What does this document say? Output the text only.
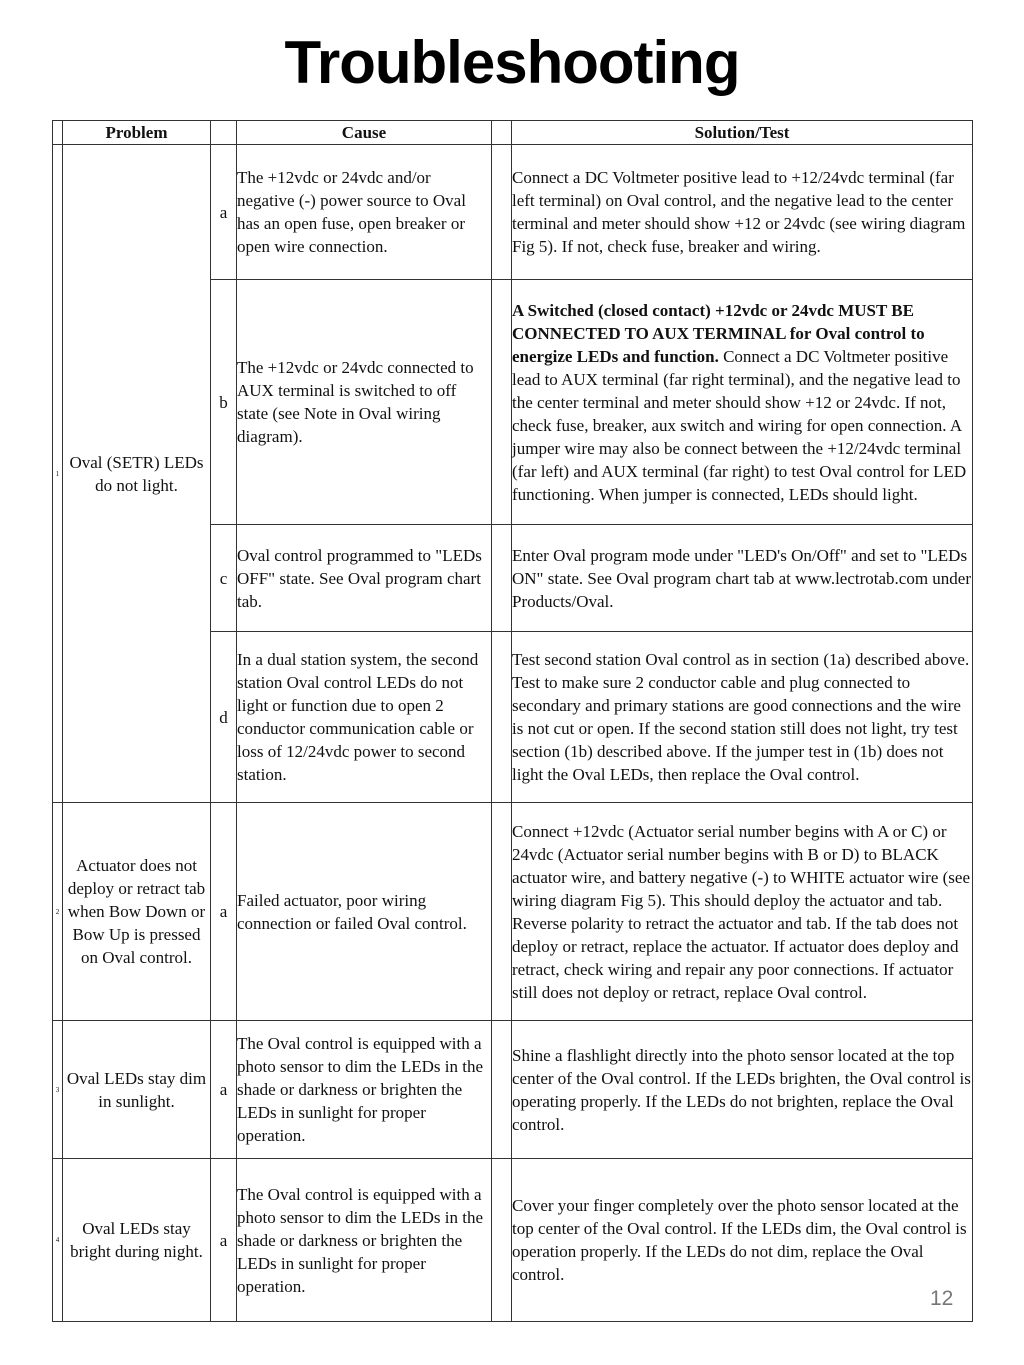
Troubleshooting
	Problem		Cause		Solution/Test
1	Oval (SETR) LEDs do not light.	a	The +12vdc or 24vdc and/or negative (-) power source to Oval has an open fuse, open breaker or open wire connection.		Connect a DC Voltmeter positive lead to +12/24vdc terminal (far left terminal) on Oval control, and the negative lead to the center terminal and meter should show +12 or 24vdc (see wiring diagram Fig 5). If not, check fuse, breaker and wiring.
		b	The +12vdc or 24vdc connected to AUX terminal is switched to off state (see Note in Oval wiring diagram).		A Switched (closed contact) +12vdc or 24vdc MUST BE CONNECTED TO AUX TERMINAL for Oval control to energize LEDs and function. Connect a DC Voltmeter positive lead to AUX terminal (far right terminal), and the negative lead to the center terminal and meter should show +12 or 24vdc. If not, check fuse, breaker, aux switch and wiring for open connection. A jumper wire may also be connect between the +12/24vdc terminal (far left) and AUX terminal (far right) to test Oval control for LED functioning. When jumper is connected, LEDs should light.
		c	Oval control programmed to "LEDs OFF" state. See Oval program chart tab.		Enter Oval program mode under "LED's On/Off" and set to "LEDs ON" state. See Oval program chart tab at www.lectrotab.com under Products/Oval.
		d	In a dual station system, the second station Oval control LEDs do not light or function due to open 2 conductor communication cable or loss of 12/24vdc power to second station.		Test second station Oval control as in section (1a) described above. Test to make sure 2 conductor cable and plug connected to secondary and primary stations are good connections and the wire is not cut or open. If the second station still does not light, try test section (1b) described above. If the jumper test in (1b) does not light the Oval LEDs, then replace the Oval control.
2	Actuator does not deploy or retract tab when Bow Down or Bow Up is pressed on Oval control.	a	Failed actuator, poor wiring connection or failed Oval control.		Connect +12vdc (Actuator serial number begins with A or C) or 24vdc (Actuator serial number begins with B or D) to BLACK actuator wire, and battery negative (-) to WHITE actuator wire (see wiring diagram Fig 5). This should deploy the actuator and tab. Reverse polarity to retract the actuator and tab. If the tab does not deploy or retract, replace the actuator. If actuator does deploy and retract, check wiring and repair any poor connections. If actuator still does not deploy or retract, replace Oval control.
3	Oval LEDs stay dim in sunlight.	a	The Oval control is equipped with a photo sensor to dim the LEDs in the shade or darkness or brighten the LEDs in sunlight for proper operation.		Shine a flashlight directly into the photo sensor located at the top center of the Oval control. If the LEDs brighten, the Oval control is operating properly. If the LEDs do not brighten, replace the Oval control.
4	Oval LEDs stay bright during night.	a	The Oval control is equipped with a photo sensor to dim the LEDs in the shade or darkness or brighten the LEDs in sunlight for proper operation.		Cover your finger completely over the photo sensor located at the top center of the Oval control. If the LEDs dim, the Oval control is operation properly. If the LEDs do not dim, replace the Oval control.
12
